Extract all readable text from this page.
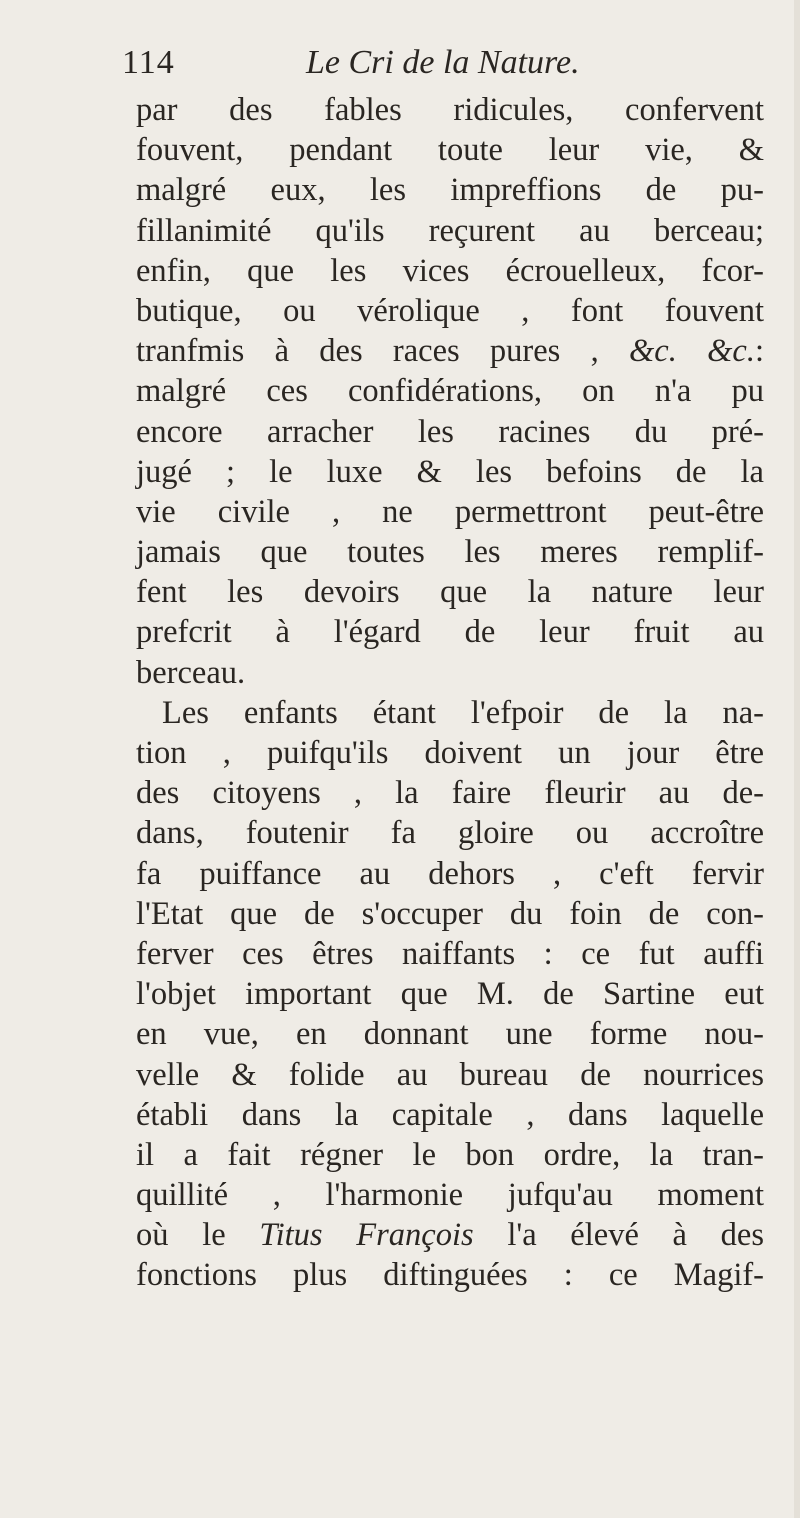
114	Le Cri de la Nature.
par des fables ridicules, confervent
fouvent, pendant toute leur vie, &
malgré eux, les impreffions de pu-
fillanimité qu'ils reçurent au berceau;
enfin, que les vices écrouelleux, fcor-
butique, ou vérolique , font fouvent
tranfmis à des races pures , &c. &c.:
malgré ces confidérations, on n'a pu
encore arracher les racines du pré-
jugé ; le luxe & les befoins de la
vie civile , ne permettront peut-être
jamais que toutes les meres remplif-
fent les devoirs que la nature leur
prefcrit à l'égard de leur fruit au
berceau.
Les enfants étant l'efpoir de la na-
tion , puifqu'ils doivent un jour être
des citoyens , la faire fleurir au de-
dans, foutenir fa gloire ou accroître
fa puiffance au dehors , c'eft fervir
l'Etat que de s'occuper du foin de con-
ferver ces êtres naiffants : ce fut auffi
l'objet important que M. de Sartine eut
en vue, en donnant une forme nou-
velle & folide au bureau de nourrices
établi dans la capitale , dans laquelle
il a fait régner le bon ordre, la tran-
quillité , l'harmonie jufqu'au moment
où le Titus François l'a élevé à des
fonctions plus diftinguées : ce Magif-
